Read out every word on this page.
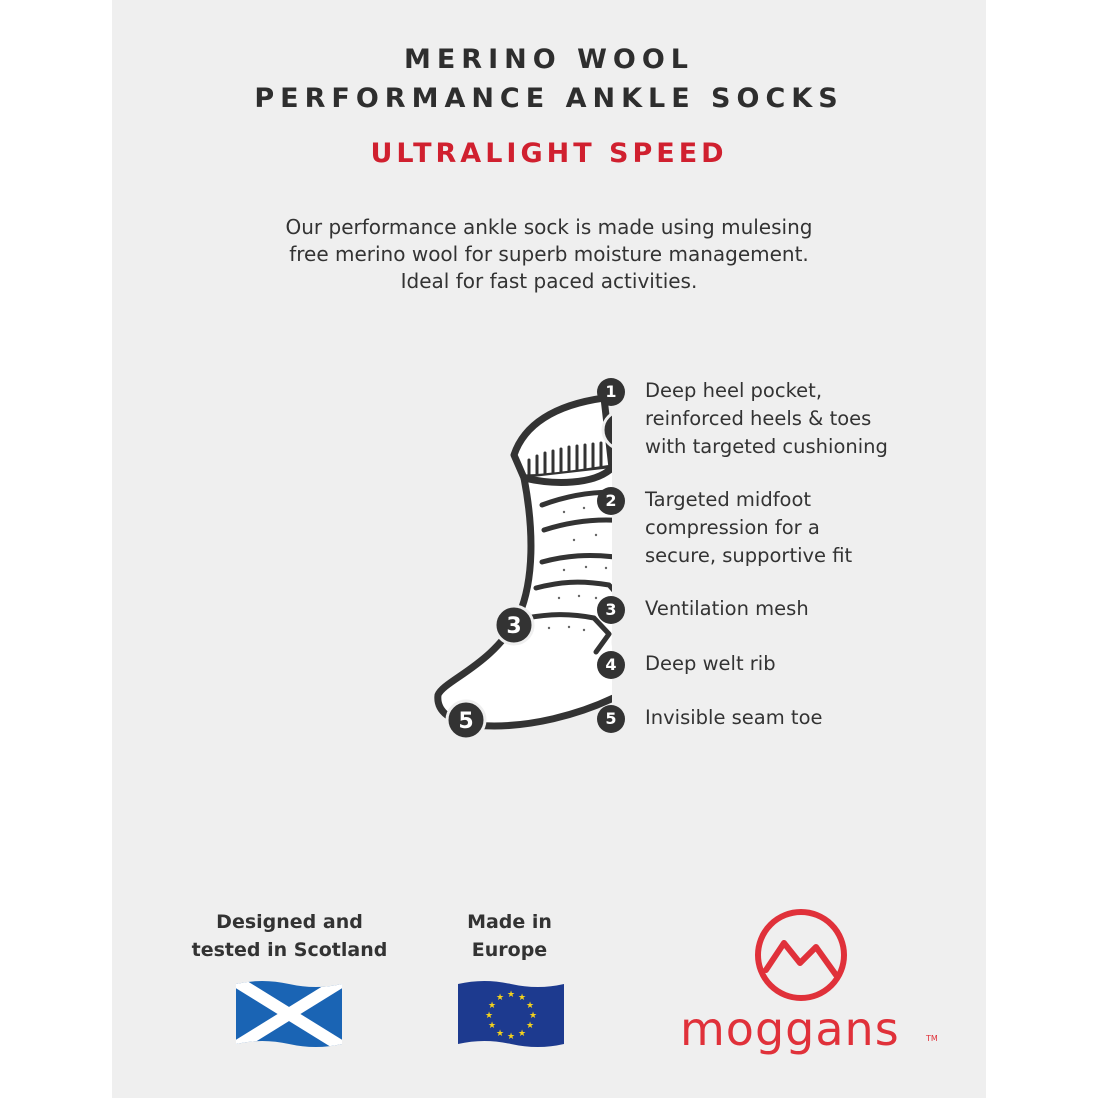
MERINO WOOL
PERFORMANCE ANKLE SOCKS
ULTRALIGHT SPEED
Our performance ankle sock is made using mulesing
free merino wool for superb moisture management.
Ideal for fast paced activities.
3
5
1	Deep heel pocket,
reinforced heels & toes
with targeted cushioning
2	Targeted midfoot
compression for a
secure, supportive fit
3	Ventilation mesh
4	Deep welt rib
5	Invisible seam toe
Designed and
tested in Scotland
Made in
Europe
★ ★
★
★
★
★
★
★
★
★
★
★
moggans	TM
